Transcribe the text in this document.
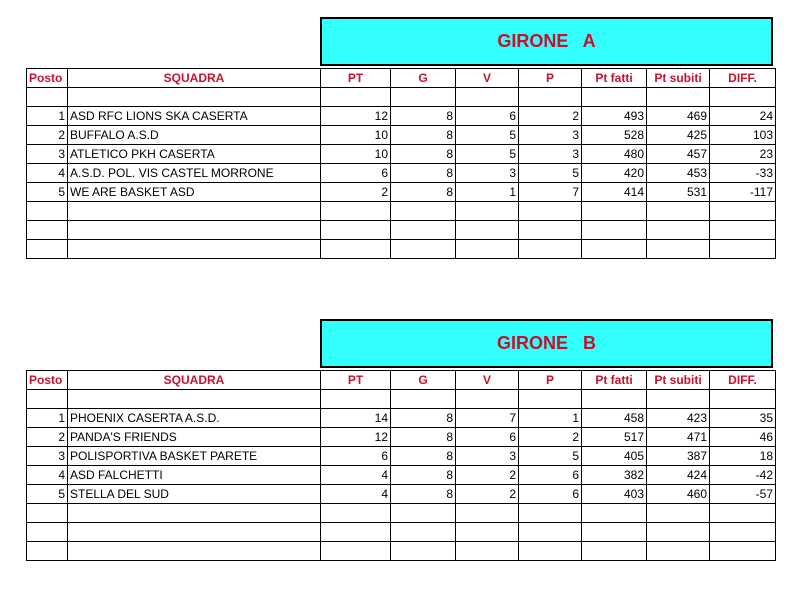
GIRONE   A
Posto	SQUADRA	PT	G	V	P	Pt fatti	Pt subiti	DIFF.

1	ASD RFC LIONS SKA CASERTA	12	8	6	2	493	469	24
2	BUFFALO A.S.D	10	8	5	3	528	425	103
3	ATLETICO PKH CASERTA	10	8	5	3	480	457	23
4	A.S.D. POL. VIS CASTEL MORRONE	6	8	3	5	420	453	-33
5	WE ARE BASKET ASD	2	8	1	7	414	531	-117

GIRONE   B
Posto	SQUADRA	PT	G	V	P	Pt fatti	Pt subiti	DIFF.

1	PHOENIX CASERTA A.S.D.	14	8	7	1	458	423	35
2	PANDA'S FRIENDS	12	8	6	2	517	471	46
3	POLISPORTIVA BASKET PARETE	6	8	3	5	405	387	18
4	ASD FALCHETTI	4	8	2	6	382	424	-42
5	STELLA DEL SUD	4	8	2	6	403	460	-57
